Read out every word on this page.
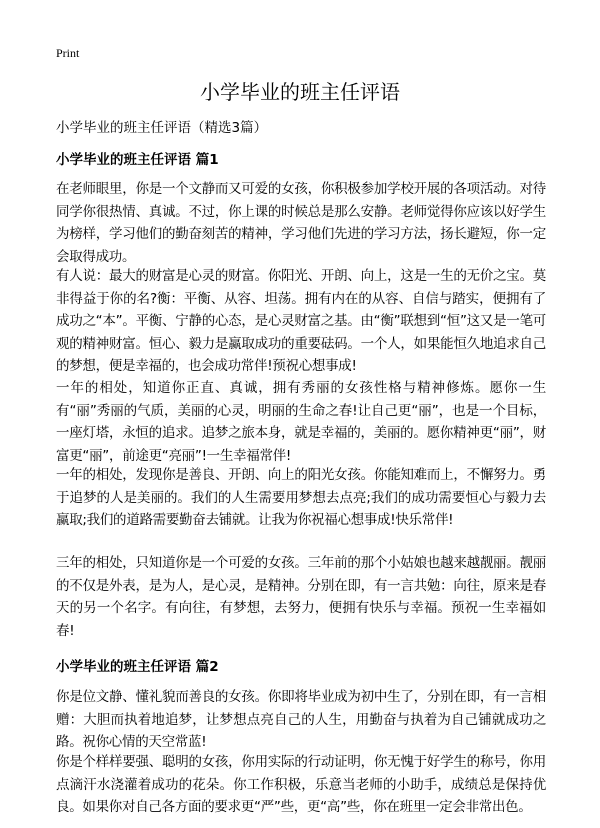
Print
小学毕业的班主任评语
小学毕业的班主任评语（精选3篇）
小学毕业的班主任评语 篇1

在老师眼里，你是一个文静而又可爱的女孩，你积极参加学校开展的各项活动。对待同学你很热情、真诚。不过，你上课的时候总是那么安静。老师觉得你应该以好学生为榜样，学习他们的勤奋刻苦的精神，学习他们先进的学习方法，扬长避短，你一定会取得成功。

有人说：最大的财富是心灵的财富。你阳光、开朗、向上，这是一生的无价之宝。莫非得益于你的名?衡：平衡、从容、坦荡。拥有内在的从容、自信与踏实，便拥有了成功之“本”。平衡、宁静的心态，是心灵财富之基。由“衡”联想到“恒”这又是一笔可观的精神财富。恒心、毅力是赢取成功的重要砝码。一个人，如果能恒久地追求自己的梦想，便是幸福的，也会成功常伴!预祝心想事成!

一年的相处，知道你正直、真诚，拥有秀丽的女孩性格与精神修炼。愿你一生有“丽”秀丽的气质，美丽的心灵，明丽的生命之春!让自己更“丽”，也是一个目标，一座灯塔，永恒的追求。追梦之旅本身，就是幸福的，美丽的。愿你精神更“丽”，财富更“丽”，前途更“亮丽”!一生幸福常伴!

一年的相处，发现你是善良、开朗、向上的阳光女孩。你能知难而上，不懈努力。勇于追梦的人是美丽的。我们的人生需要用梦想去点亮;我们的成功需要恒心与毅力去赢取;我们的道路需要勤奋去铺就。让我为你祝福心想事成!快乐常伴!

三年的相处，只知道你是一个可爱的女孩。三年前的那个小姑娘也越来越靓丽。靓丽的不仅是外表，是为人，是心灵，是精神。分别在即，有一言共勉：向往，原来是春天的另一个名字。有向往，有梦想，去努力，便拥有快乐与幸福。预祝一生幸福如春!

小学毕业的班主任评语 篇2

你是位文静、懂礼貌而善良的女孩。你即将毕业成为初中生了，分别在即，有一言相赠：大胆而执着地追梦，让梦想点亮自己的人生，用勤奋与执着为自己铺就成功之路。祝你心情的天空常蓝!

你是个样样要强、聪明的女孩，你用实际的行动证明，你无愧于好学生的称号，你用点滴汗水浇灌着成功的花朵。你工作积极，乐意当老师的小助手，成绩总是保持优良。如果你对自己各方面的要求更“严”些，更“高”些，你在班里一定会非常出色。
